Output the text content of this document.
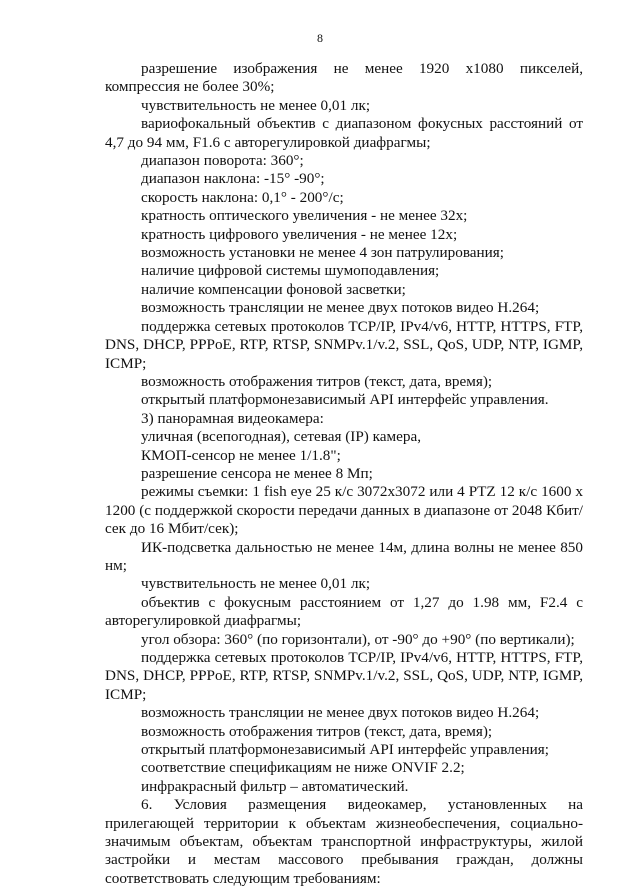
8

разрешение изображения не менее 1920 x1080 пикселей, компрессия не более 30%;

чувствительность не менее 0,01 лк;

вариофокальный объектив с диапазоном фокусных расстояний от 4,7 до 94 мм, F1.6 с авторегулировкой диафрагмы;

диапазон поворота: 360°;

диапазон наклона: -15° -90°;

скорость наклона: 0,1° - 200°/с;

кратность оптического увеличения - не менее 32х;

кратность цифрового увеличения - не менее 12х;

возможность установки не менее 4 зон патрулирования;

наличие цифровой системы шумоподавления;

наличие компенсации фоновой засветки;

возможность трансляции не менее двух потоков видео Н.264;

поддержка сетевых протоколов TCP/IP, IPv4/v6, HTTP, HTTPS, FTP, DNS, DHCP, PPPoE, RTP, RTSP, SNMPv.1/v.2, SSL, QoS, UDP, NTP, IGMP, ICMP;

возможность отображения титров (текст, дата, время);

открытый платформонезависимый API интерфейс управления.

3) панорамная видеокамера:

уличная (всепогодная), сетевая (IP) камера,

КМОП-сенсор не менее 1/1.8";

разрешение сенсора не менее 8 Мп;

режимы съемки: 1 fish eye 25 к/с 3072x3072 или 4 PTZ 12 к/с 1600 x 1200 (с поддержкой скорости передачи данных в диапазоне от 2048 Кбит/сек до 16 Мбит/сек);

ИК-подсветка дальностью не менее 14м, длина волны не менее 850 нм;

чувствительность не менее 0,01 лк;

объектив с фокусным расстоянием от 1,27 до 1.98 мм, F2.4 с авторегулировкой диафрагмы;

угол обзора: 360° (по горизонтали), от -90° до +90° (по вертикали);

поддержка сетевых протоколов TCP/IP, IPv4/v6, HTTP, HTTPS, FTP, DNS, DHCP, PPPoE, RTP, RTSP, SNMPv.1/v.2, SSL, QoS, UDP, NTP, IGMP, ICMP;

возможность трансляции не менее двух потоков видео H.264;

возможность отображения титров (текст, дата, время);

открытый платформонезависимый API интерфейс управления;

соответствие спецификациям не ниже ONVIF 2.2;

инфракрасный фильтр – автоматический.

6. Условия размещения видеокамер, установленных на прилегающей территории к объектам жизнеобеспечения, социально-значимым объектам, объектам транспортной инфраструктуры, жилой застройки и местам массового пребывания граждан, должны соответствовать следующим требованиям:
